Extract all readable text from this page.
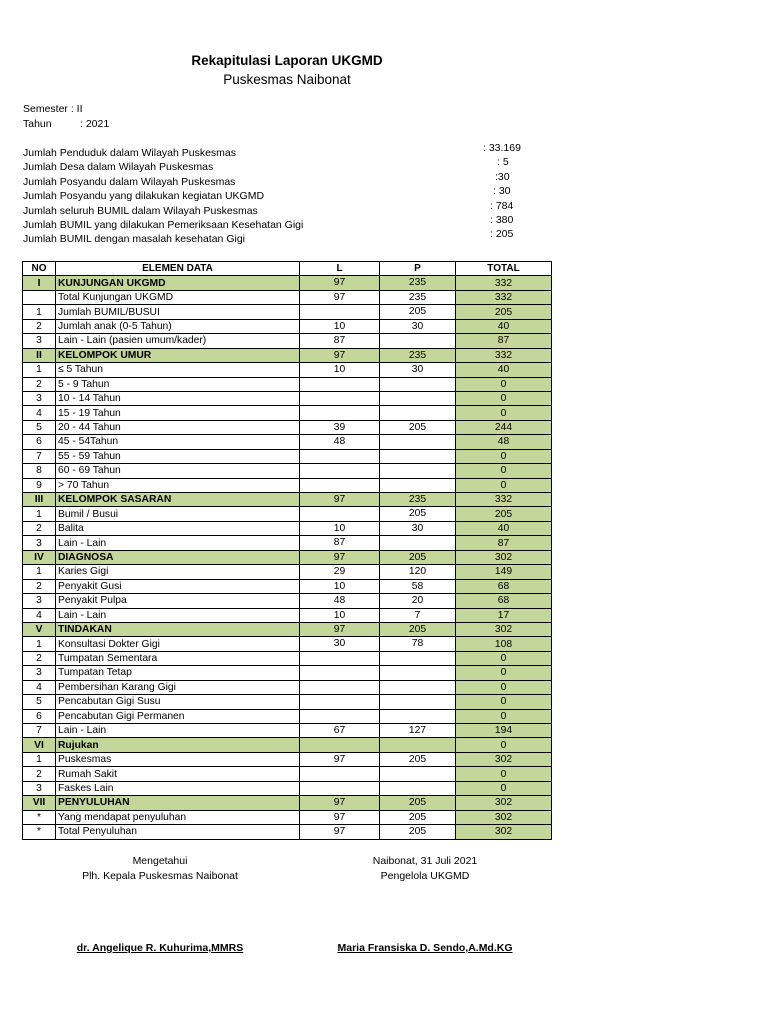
Rekapitulasi Laporan UKGMD
Puskesmas Naibonat
Semester : II
Tahun	: 2021
Jumlah Penduduk dalam Wilayah Puskesmas	: 33.169
Jumlah Desa dalam Wilayah Puskesmas	: 5
Jumlah Posyandu dalam Wilayah Puskesmas	:30
Jumlah Posyandu yang dilakukan kegiatan UKGMD	: 30
Jumlah seluruh BUMIL dalam Wilayah Puskesmas	: 784
Jumlah BUMIL yang dilakukan Pemeriksaan Kesehatan Gigi	: 380
Jumlah BUMIL dengan masalah kesehatan Gigi	: 205
NO	ELEMEN DATA	L	P	TOTAL
I	KUNJUNGAN UKGMD	97	235	332
	Total Kunjungan UKGMD	97	235	332
1	Jumlah BUMIL/BUSUI		205	205
2	Jumlah anak (0-5 Tahun)	10	30	40
3	Lain - Lain (pasien umum/kader)	87		87
II	KELOMPOK UMUR	97	235	332
1	≤ 5 Tahun	10	30	40
2	5 - 9 Tahun			0
3	10 - 14 Tahun			0
4	15 - 19 Tahun			0
5	20 - 44 Tahun	39	205	244
6	45 - 54Tahun	48		48
7	55 - 59 Tahun			0
8	60 - 69 Tahun			0
9	> 70 Tahun			0
III	KELOMPOK SASARAN	97	235	332
1	Bumil / Busui		205	205
2	Balita	10	30	40
3	Lain - Lain	87		87
IV	DIAGNOSA	97	205	302
1	Karies Gigi	29	120	149
2	Penyakit Gusi	10	58	68
3	Penyakit Pulpa	48	20	68
4	Lain - Lain	10	7	17
V	TINDAKAN	97	205	302
1	Konsultasi Dokter Gigi	30	78	108
2	Tumpatan Sementara			0
3	Tumpatan Tetap			0
4	Pembersihan Karang Gigi			0
5	Pencabutan Gigi Susu			0
6	Pencabutan Gigi Permanen			0
7	Lain - Lain	67	127	194
VI	Rujukan			0
1	Puskesmas	97	205	302
2	Rumah Sakit			0
3	Faskes Lain			0
VII	PENYULUHAN	97	205	302
*	Yang mendapat penyuluhan	97	205	302
*	Total Penyuluhan	97	205	302
Mengetahui
Plh. Kepala Puskesmas Naibonat
dr. Angelique R. Kuhurima,MMRS
Naibonat, 31 Juli 2021
Pengelola UKGMD
Maria Fransiska D. Sendo,A.Md.KG
